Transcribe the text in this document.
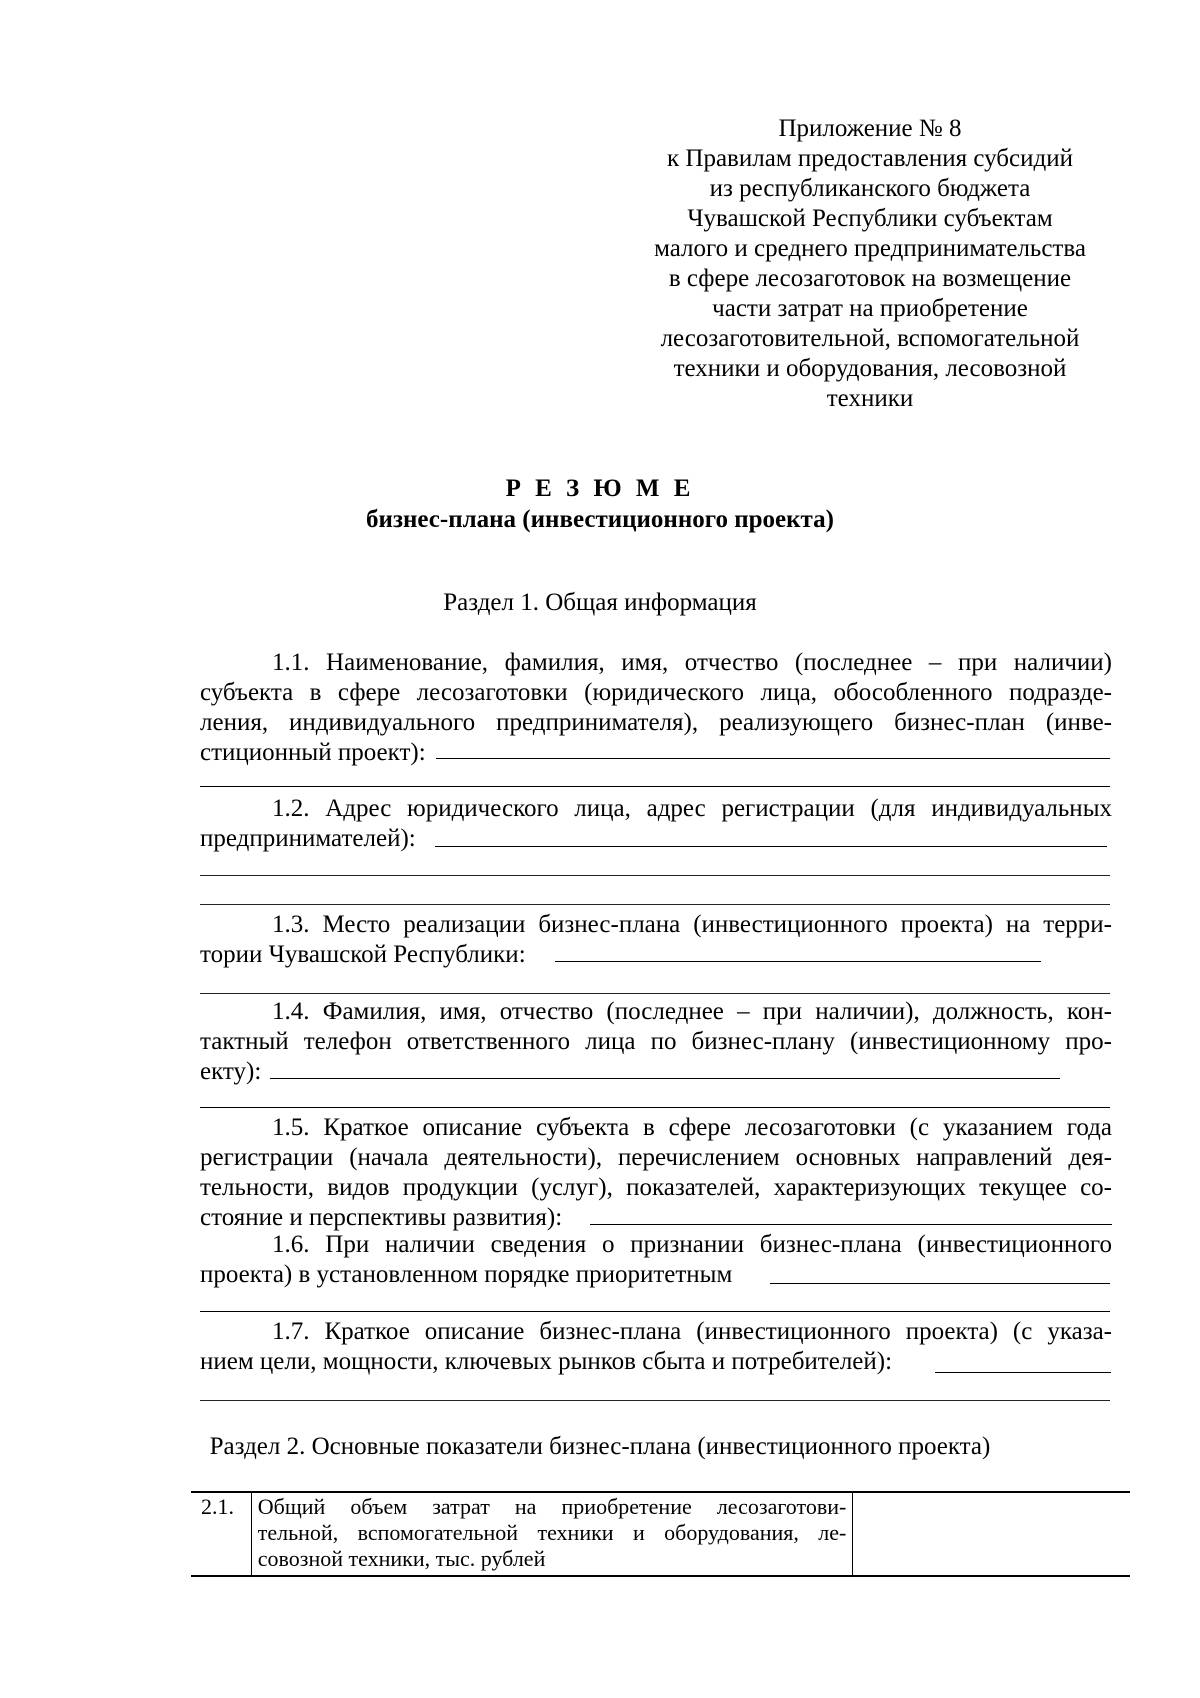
Приложение № 8
к Правилам предоставления субсидий
из республиканского бюджета
Чувашской Республики субъектам
малого и среднего предпринимательства
в сфере лесозаготовок на возмещение
части затрат на приобретение
лесозаготовительной, вспомогательной
техники и оборудования, лесовозной
техники
Р Е З Ю М Е
бизнес-плана (инвестиционного проекта)
Раздел 1. Общая информация
1.1. Наименование, фамилия, имя, отчество (последнее – при наличии)
субъекта в сфере лесозаготовки (юридического лица, обособленного подразде-
ления, индивидуального предпринимателя), реализующего бизнес-план (инве-
стиционный проект):
1.2. Адрес юридического лица, адрес регистрации (для индивидуальных
предпринимателей):
1.3. Место реализации бизнес-плана (инвестиционного проекта) на терри-
тории Чувашской Республики:
1.4. Фамилия, имя, отчество (последнее – при наличии), должность, кон-
тактный телефон ответственного лица по бизнес-плану (инвестиционному про-
екту):
1.5. Краткое описание субъекта в сфере лесозаготовки (с указанием года
регистрации (начала деятельности), перечислением основных направлений дея-
тельности, видов продукции (услуг), показателей, характеризующих текущее со-
стояние и перспективы развития):
1.6. При наличии сведения о признании бизнес-плана (инвестиционного
проекта) в установленном порядке приоритетным
1.7. Краткое описание бизнес-плана (инвестиционного проекта) (с указа-
нием цели, мощности, ключевых рынков сбыта и потребителей):
Раздел 2. Основные показатели бизнес-плана (инвестиционного проекта)
2.1.	Общий объем затрат на приобретение лесозаготови-
тельной, вспомогательной техники и оборудования, ле-
совозной техники, тыс. рублей
